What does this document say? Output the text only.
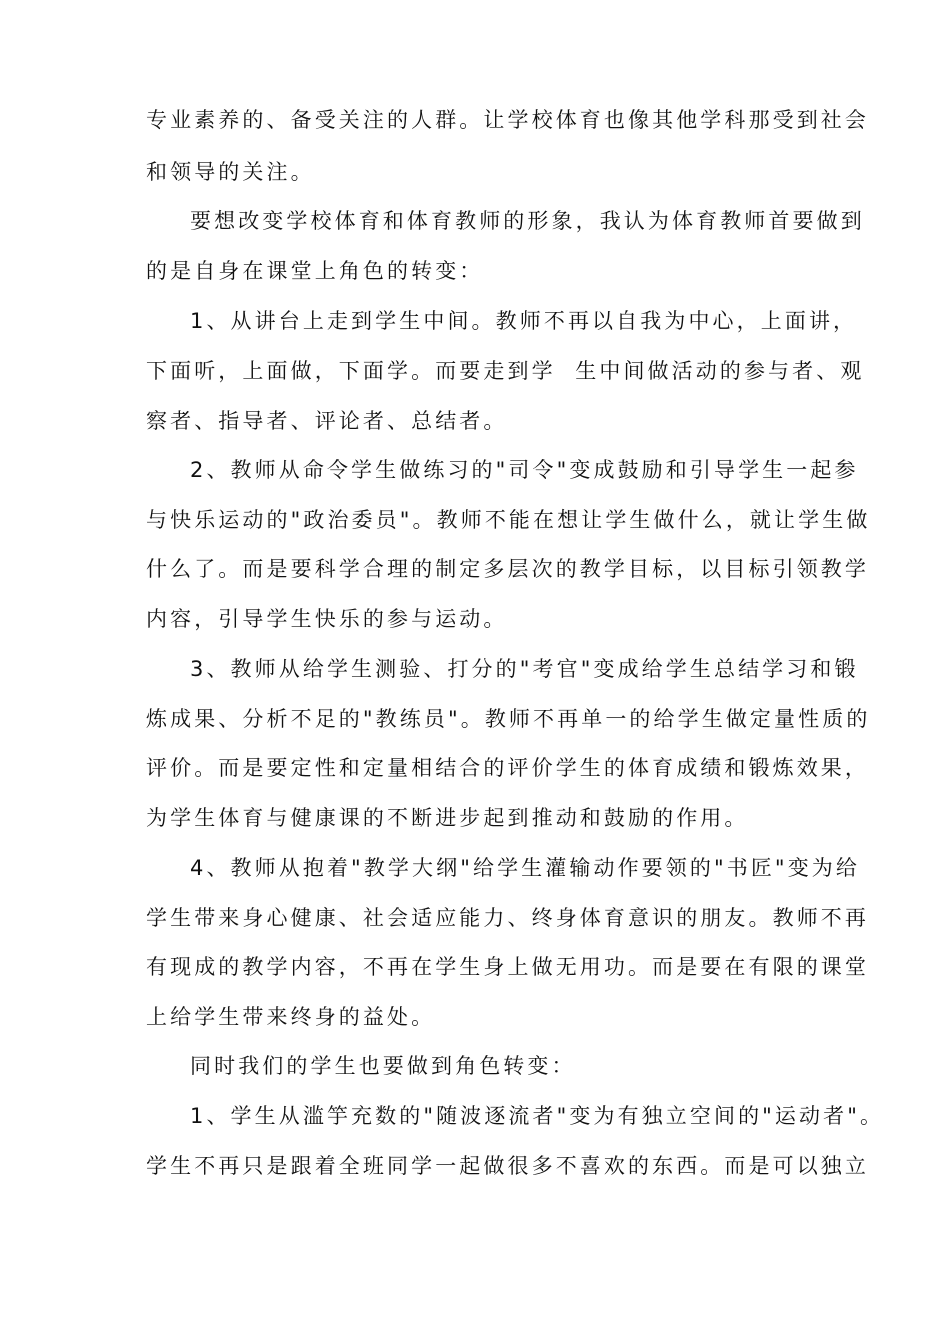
专业素养的、备受关注的人群。让学校体育也像其他学科那受到社会
和领导的关注。
要想改变学校体育和体育教师的形象，我认为体育教师首要做到
的是自身在课堂上角色的转变：
1、从讲台上走到学生中间。教师不再以自我为中心，上面讲，
下面听，上面做，下面学。而要走到学  生中间做活动的参与者、观
察者、指导者、评论者、总结者。
2、教师从命令学生做练习的"司令"变成鼓励和引导学生一起参
与快乐运动的"政治委员"。教师不能在想让学生做什么，就让学生做
什么了。而是要科学合理的制定多层次的教学目标，以目标引领教学
内容，引导学生快乐的参与运动。
3、教师从给学生测验、打分的"考官"变成给学生总结学习和锻
炼成果、分析不足的"教练员"。教师不再单一的给学生做定量性质的
评价。而是要定性和定量相结合的评价学生的体育成绩和锻炼效果，
为学生体育与健康课的不断进步起到推动和鼓励的作用。
4、教师从抱着"教学大纲"给学生灌输动作要领的"书匠"变为给
学生带来身心健康、社会适应能力、终身体育意识的朋友。教师不再
有现成的教学内容，不再在学生身上做无用功。而是要在有限的课堂
上给学生带来终身的益处。
同时我们的学生也要做到角色转变：
1、学生从滥竽充数的"随波逐流者"变为有独立空间的"运动者"。
学生不再只是跟着全班同学一起做很多不喜欢的东西。而是可以独立
